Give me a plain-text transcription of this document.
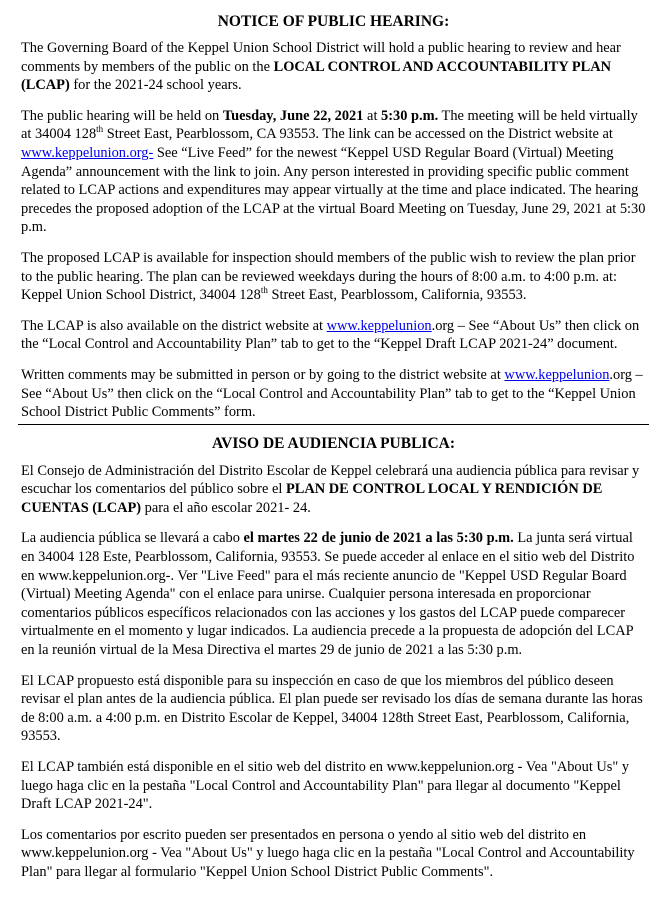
NOTICE OF PUBLIC HEARING:

The Governing Board of the Keppel Union School District will hold a public hearing to review and hear comments by members of the public on the LOCAL CONTROL AND ACCOUNTABILITY PLAN (LCAP) for the 2021-24 school years.

The public hearing will be held on Tuesday, June 22, 2021 at 5:30 p.m. The meeting will be held virtually at 34004 128th Street East, Pearblossom, CA 93553. The link can be accessed on the District website at www.keppelunion.org- See “Live Feed” for the newest “Keppel USD Regular Board (Virtual) Meeting Agenda” announcement with the link to join. Any person interested in providing specific public comment related to LCAP actions and expenditures may appear virtually at the time and place indicated. The hearing precedes the proposed adoption of the LCAP at the virtual Board Meeting on Tuesday, June 29, 2021 at 5:30 p.m.

The proposed LCAP is available for inspection should members of the public wish to review the plan prior to the public hearing. The plan can be reviewed weekdays during the hours of 8:00 a.m. to 4:00 p.m. at: Keppel Union School District, 34004 128th Street East, Pearblossom, California, 93553.

The LCAP is also available on the district website at www.keppelunion.org – See “About Us” then click on the “Local Control and Accountability Plan” tab to get to the “Keppel Draft LCAP 2021-24” document.

Written comments may be submitted in person or by going to the district website at www.keppelunion.org – See “About Us” then click on the “Local Control and Accountability Plan” tab to get to the “Keppel Union School District Public Comments” form.

AVISO DE AUDIENCIA PUBLICA:

El Consejo de Administración del Distrito Escolar de Keppel celebrará una audiencia pública para revisar y escuchar los comentarios del público sobre el PLAN DE CONTROL LOCAL Y RENDICIÓN DE CUENTAS (LCAP) para el año escolar 2021- 24.

La audiencia pública se llevará a cabo el martes 22 de junio de 2021 a las 5:30 p.m. La junta será virtual en 34004 128 Este, Pearblossom, California, 93553. Se puede acceder al enlace en el sitio web del Distrito en www.keppelunion.org-. Ver "Live Feed" para el más reciente anuncio de "Keppel USD Regular Board (Virtual) Meeting Agenda" con el enlace para unirse. Cualquier persona interesada en proporcionar comentarios públicos específicos relacionados con las acciones y los gastos del LCAP puede comparecer virtualmente en el momento y lugar indicados. La audiencia precede a la propuesta de adopción del LCAP en la reunión virtual de la Mesa Directiva el martes 29 de junio de 2021 a las 5:30 p.m.

El LCAP propuesto está disponible para su inspección en caso de que los miembros del público deseen revisar el plan antes de la audiencia pública. El plan puede ser revisado los días de semana durante las horas de 8:00 a.m. a 4:00 p.m. en Distrito Escolar de Keppel, 34004 128th Street East, Pearblossom, California, 93553.

El LCAP también está disponible en el sitio web del distrito en www.keppelunion.org - Vea "About Us" y luego haga clic en la pestaña "Local Control and Accountability Plan" para llegar al documento "Keppel Draft LCAP 2021-24".

Los comentarios por escrito pueden ser presentados en persona o yendo al sitio web del distrito en www.keppelunion.org - Vea "About Us" y luego haga clic en la pestaña "Local Control and Accountability Plan" para llegar al formulario "Keppel Union School District Public Comments".
